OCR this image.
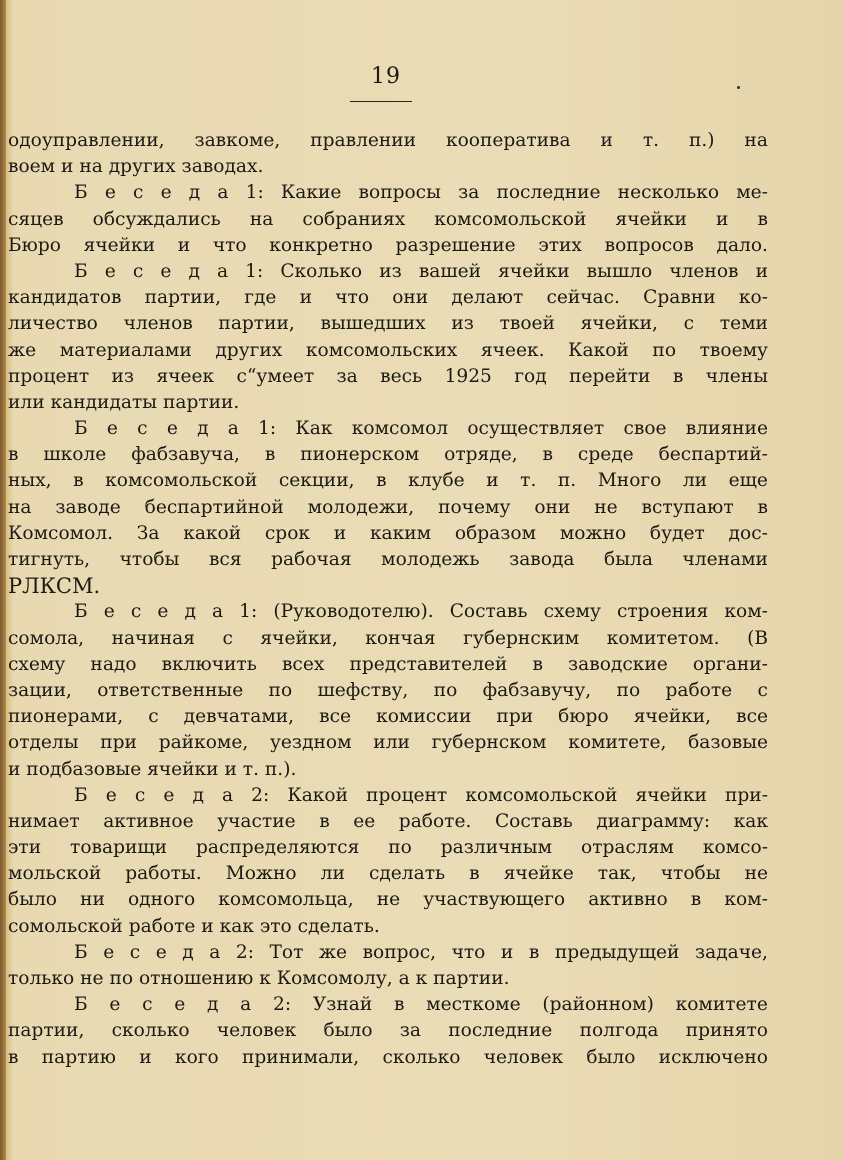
19
одоуправлении, завкоме, правлении кооператива и т. п.) на
воем и на других заводах.
Б е с е д а 1: Какие вопросы за последние несколько ме-
сяцев обсуждались на собраниях комсомольской ячейки и в
Бюро ячейки и что конкретно разрешение этих вопросов дало.
Б е с е д а 1: Сколько из вашей ячейки вышло членов и
кандидатов партии, где и что они делают сейчас. Сравни ко-
личество членов партии, вышедших из твоей ячейки, с теми
же материалами других комсомольских ячеек. Какой по твоему
процент из ячеек с“умеет за весь 1925 год перейти в члены
или кандидаты партии.
Б е с е д а 1: Как комсомол осуществляет свое влияние
в школе фабзавуча, в пионерском отряде, в среде беспартий-
ных, в комсомольской секции, в клубе и т. п. Много ли еще
на заводе беспартийной молодежи, почему они не вступают в
Комсомол. За какой срок и каким образом можно будет дос-
тигнуть, чтобы вся рабочая молодежь завода была членами
РЛКСМ.
Б е с е д а 1: (Руководотелю). Составь схему строения ком-
сомола, начиная с ячейки, кончая губернским комитетом. (В
схему надо включить всех представителей в заводские органи-
зации, ответственные по шефству, по фабзавучу, по работе с
пионерами, с девчатами, все комиссии при бюро ячейки, все
отделы при райкоме, уездном или губернском комитете, базовые
и подбазовые ячейки и т. п.).
Б е с е д а 2: Какой процент комсомольской ячейки при-
нимает активное участие в ее работе. Составь диаграмму: как
эти товарищи распределяются по различным отраслям комсо-
мольской работы. Можно ли сделать в ячейке так, чтобы не
было ни одного комсомольца, не участвующего активно в ком-
сомольской работе и как это сделать.
Б е с е д а 2: Тот же вопрос, что и в предыдущей задаче,
только не по отношению к Комсомолу, а к партии.
Б е с е д а 2: Узнай в месткоме (районном) комитете
партии, сколько человек было за последние полгода принято
в партию и кого принимали, сколько человек было исключено
